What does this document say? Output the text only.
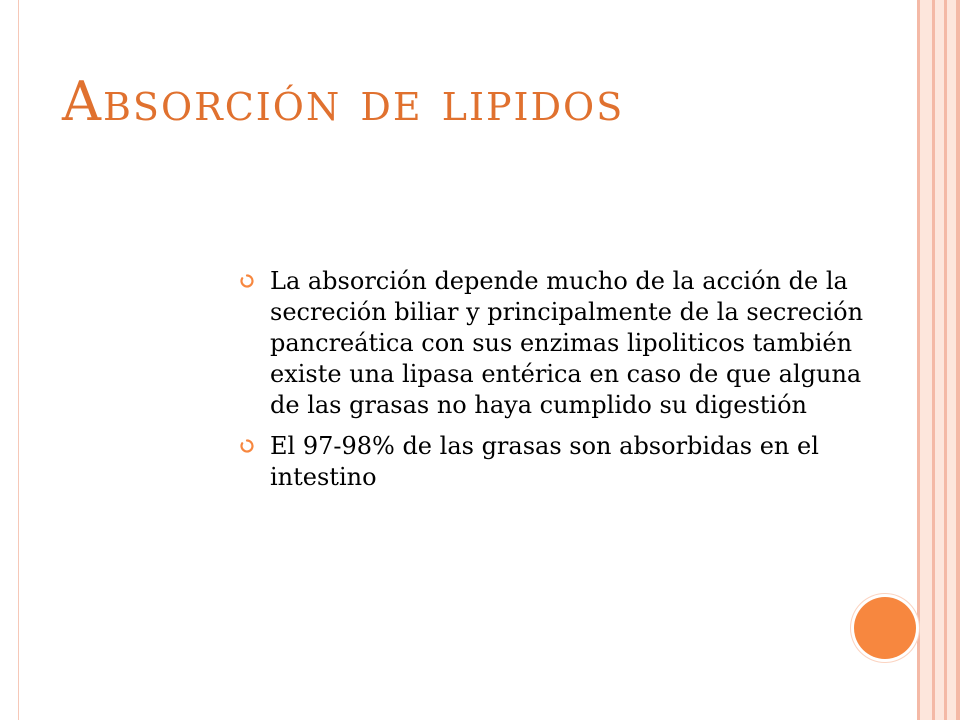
Absorción de lipidos
La absorción depende mucho de la acción de la secreción biliar y principalmente de la secreción pancreática con sus enzimas lipoliticos también existe una lipasa entérica en caso de que alguna de las grasas no haya cumplido su digestión
El 97-98% de las grasas son absorbidas en el intestino
